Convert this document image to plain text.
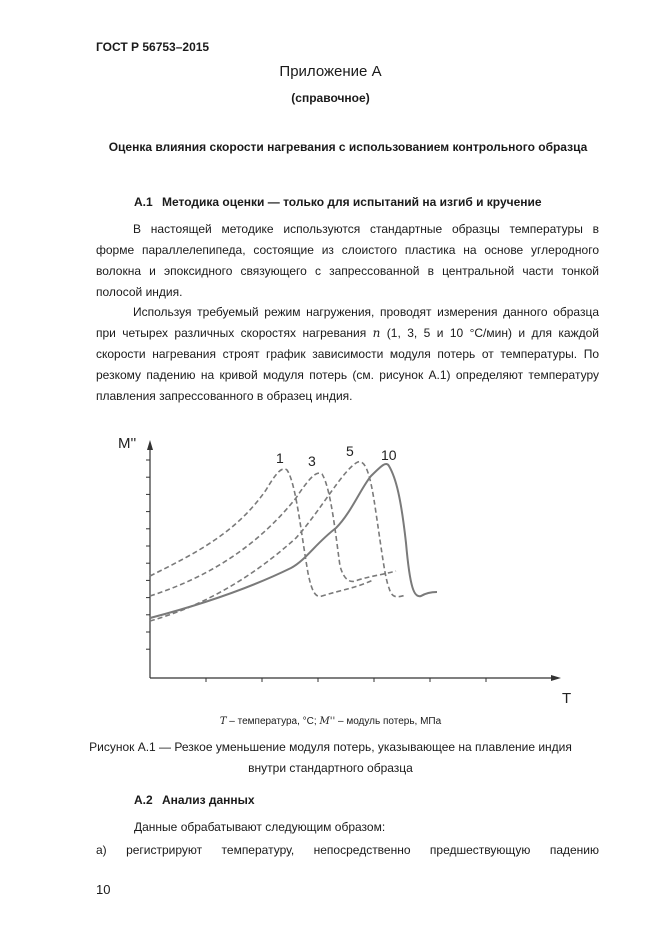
ГОСТ Р 56753–2015
Приложение А
(справочное)
Оценка влияния скорости нагревания с использованием контрольного образца
А.1 Методика оценки — только для испытаний на изгиб и кручение
В настоящей методике используются стандартные образцы температуры в
форме параллелепипеда, состоящие из слоистого пластика на основе углеродного
волокна и эпоксидного связующего с запрессованной в центральной части тонкой
полосой индия.
Используя требуемый режим нагружения, проводят измерения данного образца
при четырех различных скоростях нагревания n (1, 3, 5 и 10 °С/мин) и для каждой
скорости нагревания строят график зависимости модуля потерь от температуры. По
резкому падению на кривой модуля потерь (см. рисунок А.1) определяют температуру
плавления запрессованного в образец индия.
M''
T
1 3
5 10
T – температура, °С; M'' – модуль потерь, МПа
Рисунок А.1 — Резкое уменьшение модуля потерь, указывающее на плавление индия
внутри стандартного образца
А.2 Анализ данных
Данные обрабатывают следующим образом:
а) регистрируют температуру, непосредственно предшествующую падению
10
